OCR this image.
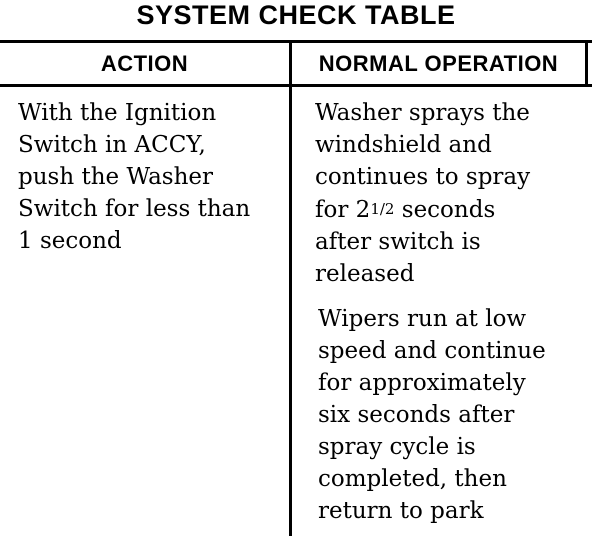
SYSTEM CHECK TABLE
ACTION	NORMAL OPERATION
With the Ignition
Switch in ACCY,
push the Washer
Switch for less than
1 second
Washer sprays the
windshield and
continues to spray
for 21/2 seconds
after switch is
released
Wipers run at low
speed and continue
for approximately
six seconds after
spray cycle is
completed, then
return to park
